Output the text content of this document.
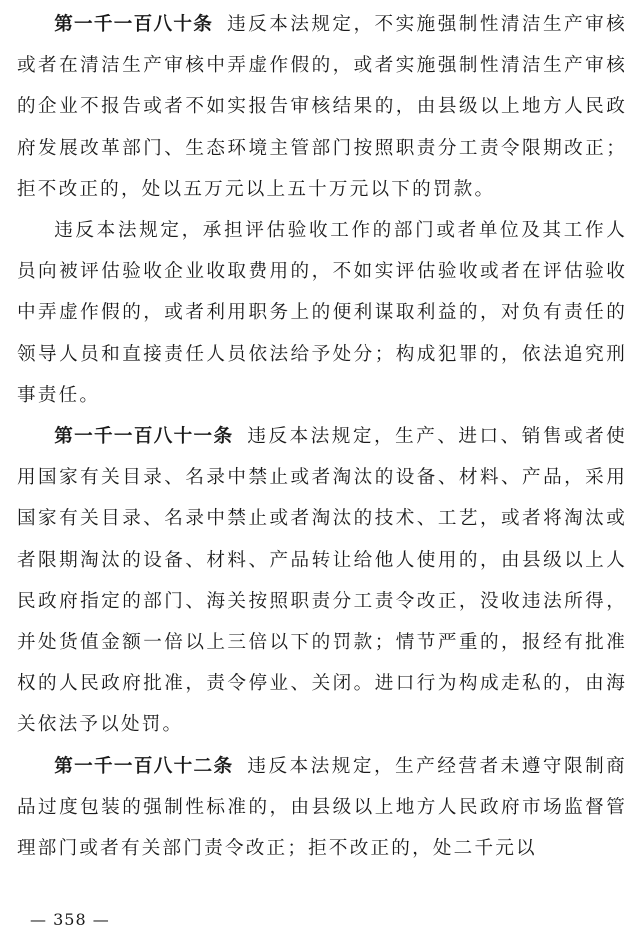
第一千一百八十条 违反本法规定，不实施强制性清洁生产审核或者在清洁生产审核中弄虚作假的，或者实施强制性清洁生产审核的企业不报告或者不如实报告审核结果的，由县级以上地方人民政府发展改革部门、生态环境主管部门按照职责分工责令限期改正；拒不改正的，处以五万元以上五十万元以下的罚款。

违反本法规定，承担评估验收工作的部门或者单位及其工作人员向被评估验收企业收取费用的，不如实评估验收或者在评估验收中弄虚作假的，或者利用职务上的便利谋取利益的，对负有责任的领导人员和直接责任人员依法给予处分；构成犯罪的，依法追究刑事责任。

第一千一百八十一条 违反本法规定，生产、进口、销售或者使用国家有关目录、名录中禁止或者淘汰的设备、材料、产品，采用国家有关目录、名录中禁止或者淘汰的技术、工艺，或者将淘汰或者限期淘汰的设备、材料、产品转让给他人使用的，由县级以上人民政府指定的部门、海关按照职责分工责令改正，没收违法所得，并处货值金额一倍以上三倍以下的罚款；情节严重的，报经有批准权的人民政府批准，责令停业、关闭。进口行为构成走私的，由海关依法予以处罚。

第一千一百八十二条 违反本法规定，生产经营者未遵守限制商品过度包装的强制性标准的，由县级以上地方人民政府市场监督管理部门或者有关部门责令改正；拒不改正的，处二千元以

— 358 —
